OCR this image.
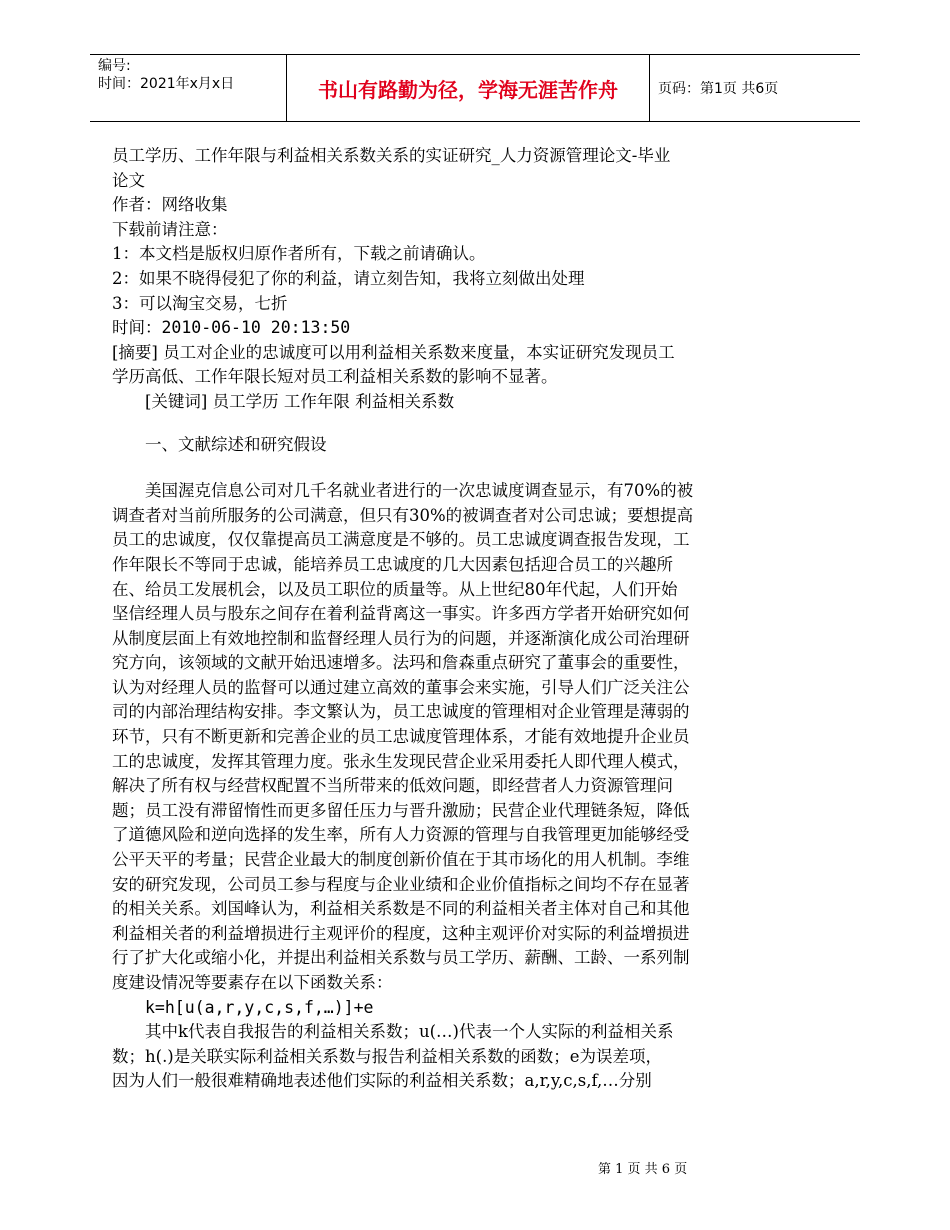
编号:
时间：2021年x月x日	书山有路勤为径，学海无涯苦作舟	页码：第1页 共6页
员工学历、工作年限与利益相关系数关系的实证研究_人力资源管理论文-毕业
论文
作者：网络收集
下载前请注意：
1：本文档是版权归原作者所有，下载之前请确认。
2：如果不晓得侵犯了你的利益，请立刻告知，我将立刻做出处理
3：可以淘宝交易，七折
时间：2010-06-10 20:13:50
[摘要] 员工对企业的忠诚度可以用利益相关系数来度量，本实证研究发现员工
学历高低、工作年限长短对员工利益相关系数的影响不显著。
[关键词] 员工学历 工作年限 利益相关系数
一、文献综述和研究假设
美国渥克信息公司对几千名就业者进行的一次忠诚度调查显示，有70%的被
调查者对当前所服务的公司满意，但只有30%的被调查者对公司忠诚；要想提高
员工的忠诚度，仅仅靠提高员工满意度是不够的。员工忠诚度调查报告发现，工
作年限长不等同于忠诚，能培养员工忠诚度的几大因素包括迎合员工的兴趣所
在、给员工发展机会，以及员工职位的质量等。从上世纪80年代起，人们开始
坚信经理人员与股东之间存在着利益背离这一事实。许多西方学者开始研究如何
从制度层面上有效地控制和监督经理人员行为的问题，并逐渐演化成公司治理研
究方向，该领域的文献开始迅速增多。法玛和詹森重点研究了董事会的重要性，
认为对经理人员的监督可以通过建立高效的董事会来实施，引导人们广泛关注公
司的内部治理结构安排。李文繁认为，员工忠诚度的管理相对企业管理是薄弱的
环节，只有不断更新和完善企业的员工忠诚度管理体系，才能有效地提升企业员
工的忠诚度，发挥其管理力度。张永生发现民营企业采用委托人即代理人模式，
解决了所有权与经营权配置不当所带来的低效问题，即经营者人力资源管理问
题；员工没有滞留惰性而更多留任压力与晋升激励；民营企业代理链条短，降低
了道德风险和逆向选择的发生率，所有人力资源的管理与自我管理更加能够经受
公平天平的考量；民营企业最大的制度创新价值在于其市场化的用人机制。李维
安的研究发现，公司员工参与程度与企业业绩和企业价值指标之间均不存在显著
的相关关系。刘国峰认为，利益相关系数是不同的利益相关者主体对自己和其他
利益相关者的利益增损进行主观评价的程度，这种主观评价对实际的利益增损进
行了扩大化或缩小化，并提出利益相关系数与员工学历、薪酬、工龄、一系列制
度建设情况等要素存在以下函数关系：
k=h[u(a,r,y,c,s,f,…)]+e
其中k代表自我报告的利益相关系数；u(…)代表一个人实际的利益相关系
数；h(.)是关联实际利益相关系数与报告利益相关系数的函数；e为误差项，
因为人们一般很难精确地表述他们实际的利益相关系数；a,r,y,c,s,f,…分别
第 1 页 共 6 页
